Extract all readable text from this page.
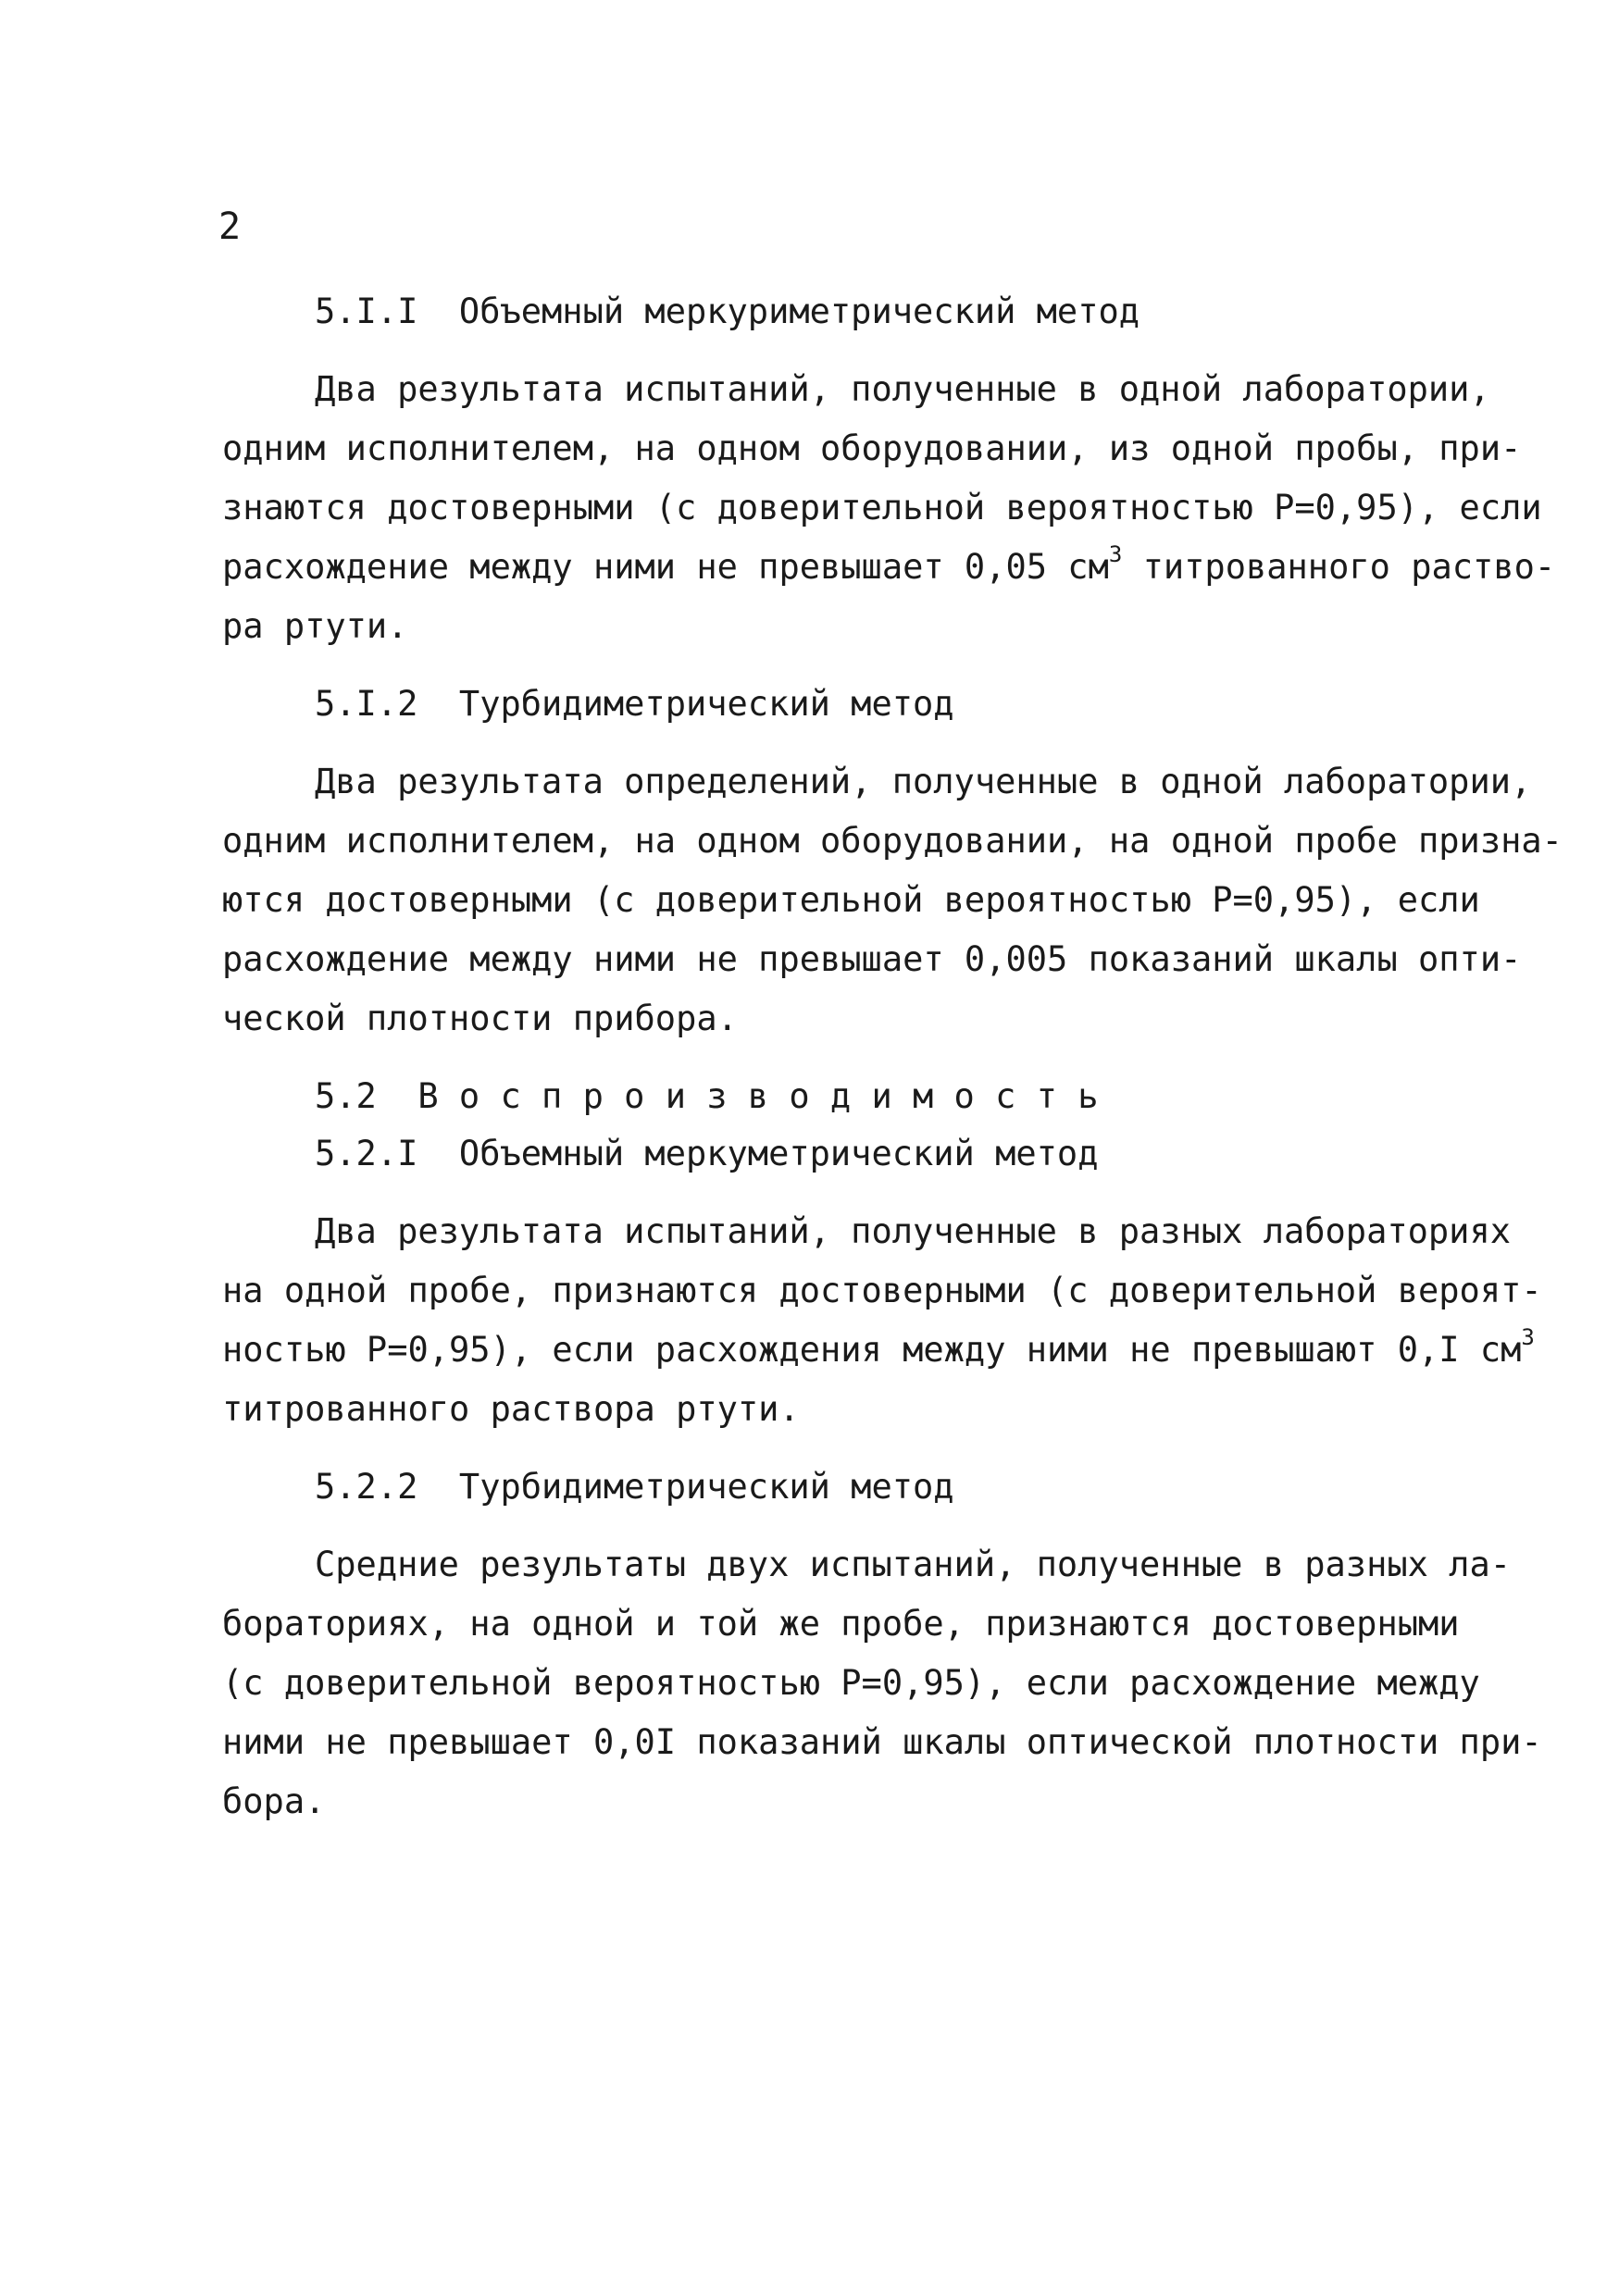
2
5.I.I  Объемный меркуриметрический метод
Два результата испытаний, полученные в одной лаборатории,
одним исполнителем, на одном оборудовании, из одной пробы, при-
знаются достоверными (с доверительной вероятностью P=0,95), если
расхождение между ними не превышает 0,05 $см^3$ титрованного раство-
ра ртути.
5.I.2  Турбидиметрический метод
Два результата определений, полученные в одной лаборатории,
одним исполнителем, на одном оборудовании, на одной пробе призна-
ются достоверными (с доверительной вероятностью P=0,95), если
расхождение между ними не превышает 0,005 показаний шкалы опти-
ческой плотности прибора.
5.2  В о с п р о и з в о д и м о с т ь
5.2.I  Объемный меркуметрический метод
Два результата испытаний, полученные в разных лабораториях
на одной пробе, признаются достоверными (с доверительной вероят-
ностью P=0,95), если расхождения между ними не превышают 0,I $см^3$
титрованного раствора ртути.
5.2.2  Турбидиметрический метод
Средние результаты двух испытаний, полученные в разных ла-
бораториях, на одной и той же пробе, признаются достоверными
(с доверительной вероятностью P=0,95), если расхождение между
ними не превышает 0,0I показаний шкалы оптической плотности при-
бора.
